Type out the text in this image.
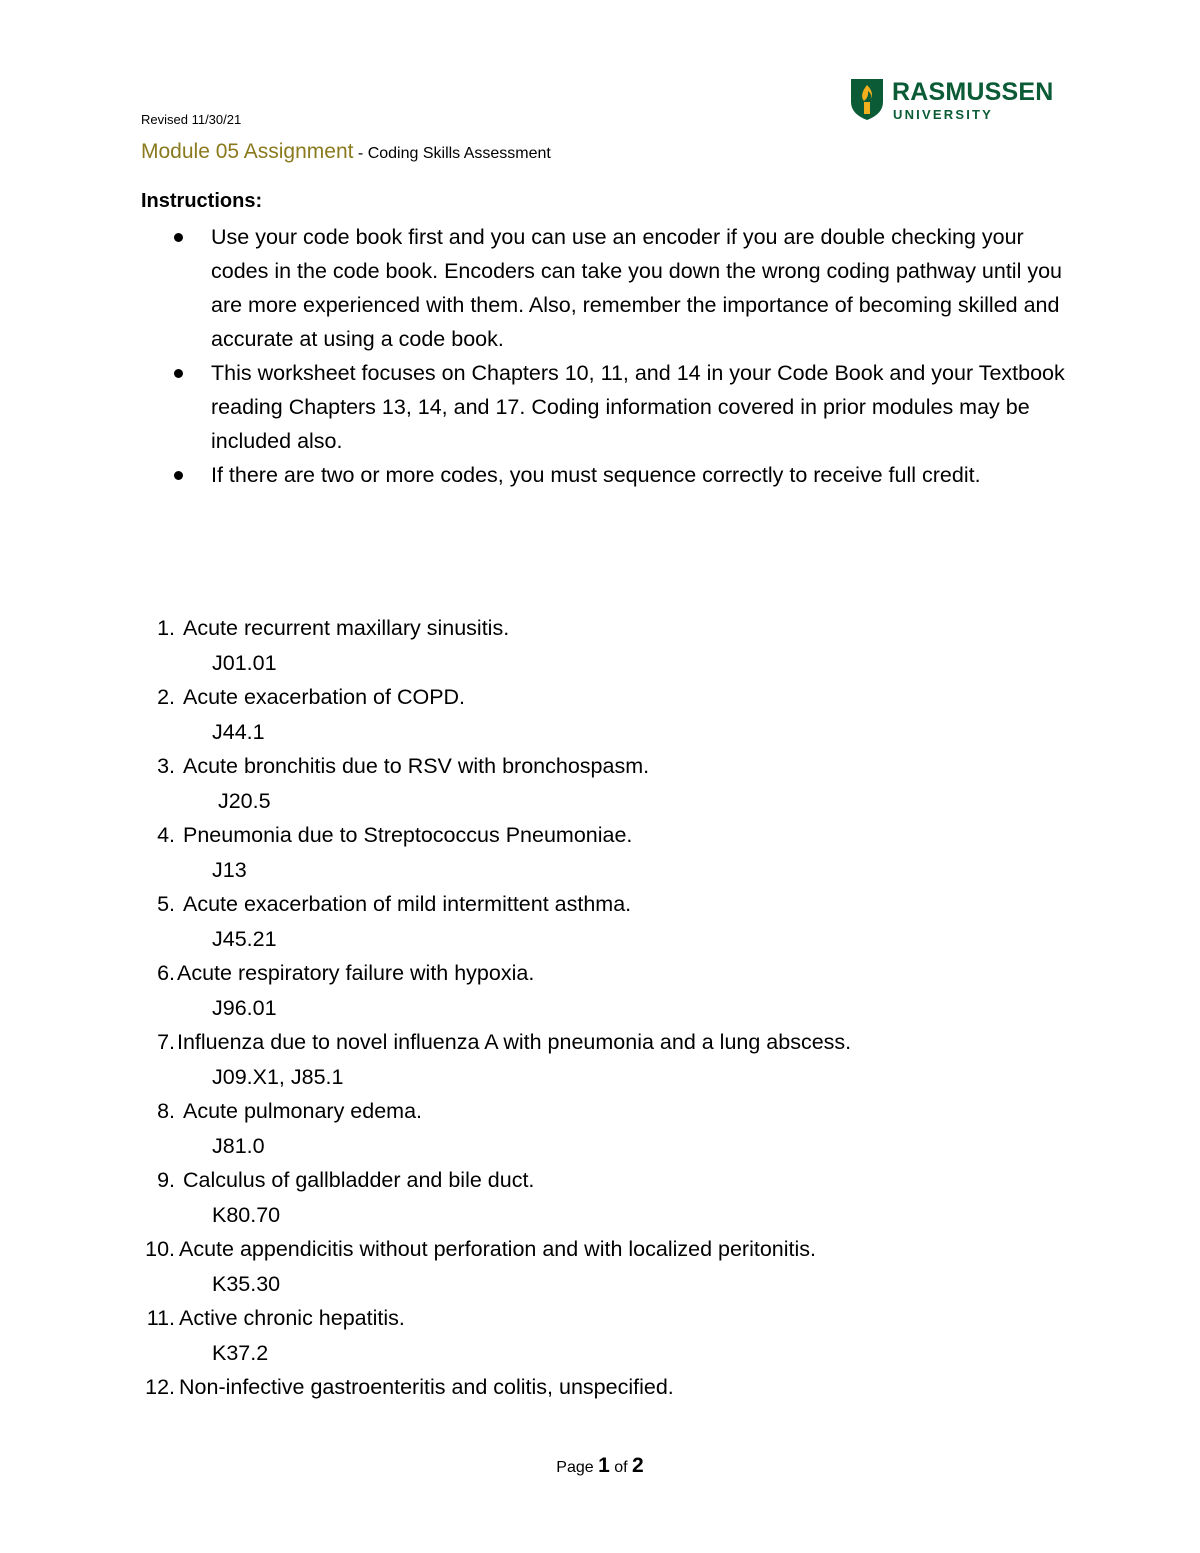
Revised 11/30/21
RASMUSSEN
UNIVERSITY
Module 05 Assignment - Coding Skills Assessment
Instructions:
Use your code book first and you can use an encoder if you are double checking your codes in the code book. Encoders can take you down the wrong coding pathway until you are more experienced with them. Also, remember the importance of becoming skilled and accurate at using a code book.
This worksheet focuses on Chapters 10, 11, and 14 in your Code Book and your Textbook reading Chapters 13, 14, and 17. Coding information covered in prior modules may be included also.
If there are two or more codes, you must sequence correctly to receive full credit.
1. Acute recurrent maxillary sinusitis.
J01.01
2. Acute exacerbation of COPD.
J44.1
3. Acute bronchitis due to RSV with bronchospasm.
J20.5
4. Pneumonia due to Streptococcus Pneumoniae.
J13
5. Acute exacerbation of mild intermittent asthma.
J45.21
6.Acute respiratory failure with hypoxia.
J96.01
7.Influenza due to novel influenza A with pneumonia and a lung abscess.
J09.X1, J85.1
8. Acute pulmonary edema.
J81.0
9. Calculus of gallbladder and bile duct.
K80.70
10. Acute appendicitis without perforation and with localized peritonitis.
K35.30
11. Active chronic hepatitis.
K37.2
12. Non-infective gastroenteritis and colitis, unspecified.
Page 1 of 2
